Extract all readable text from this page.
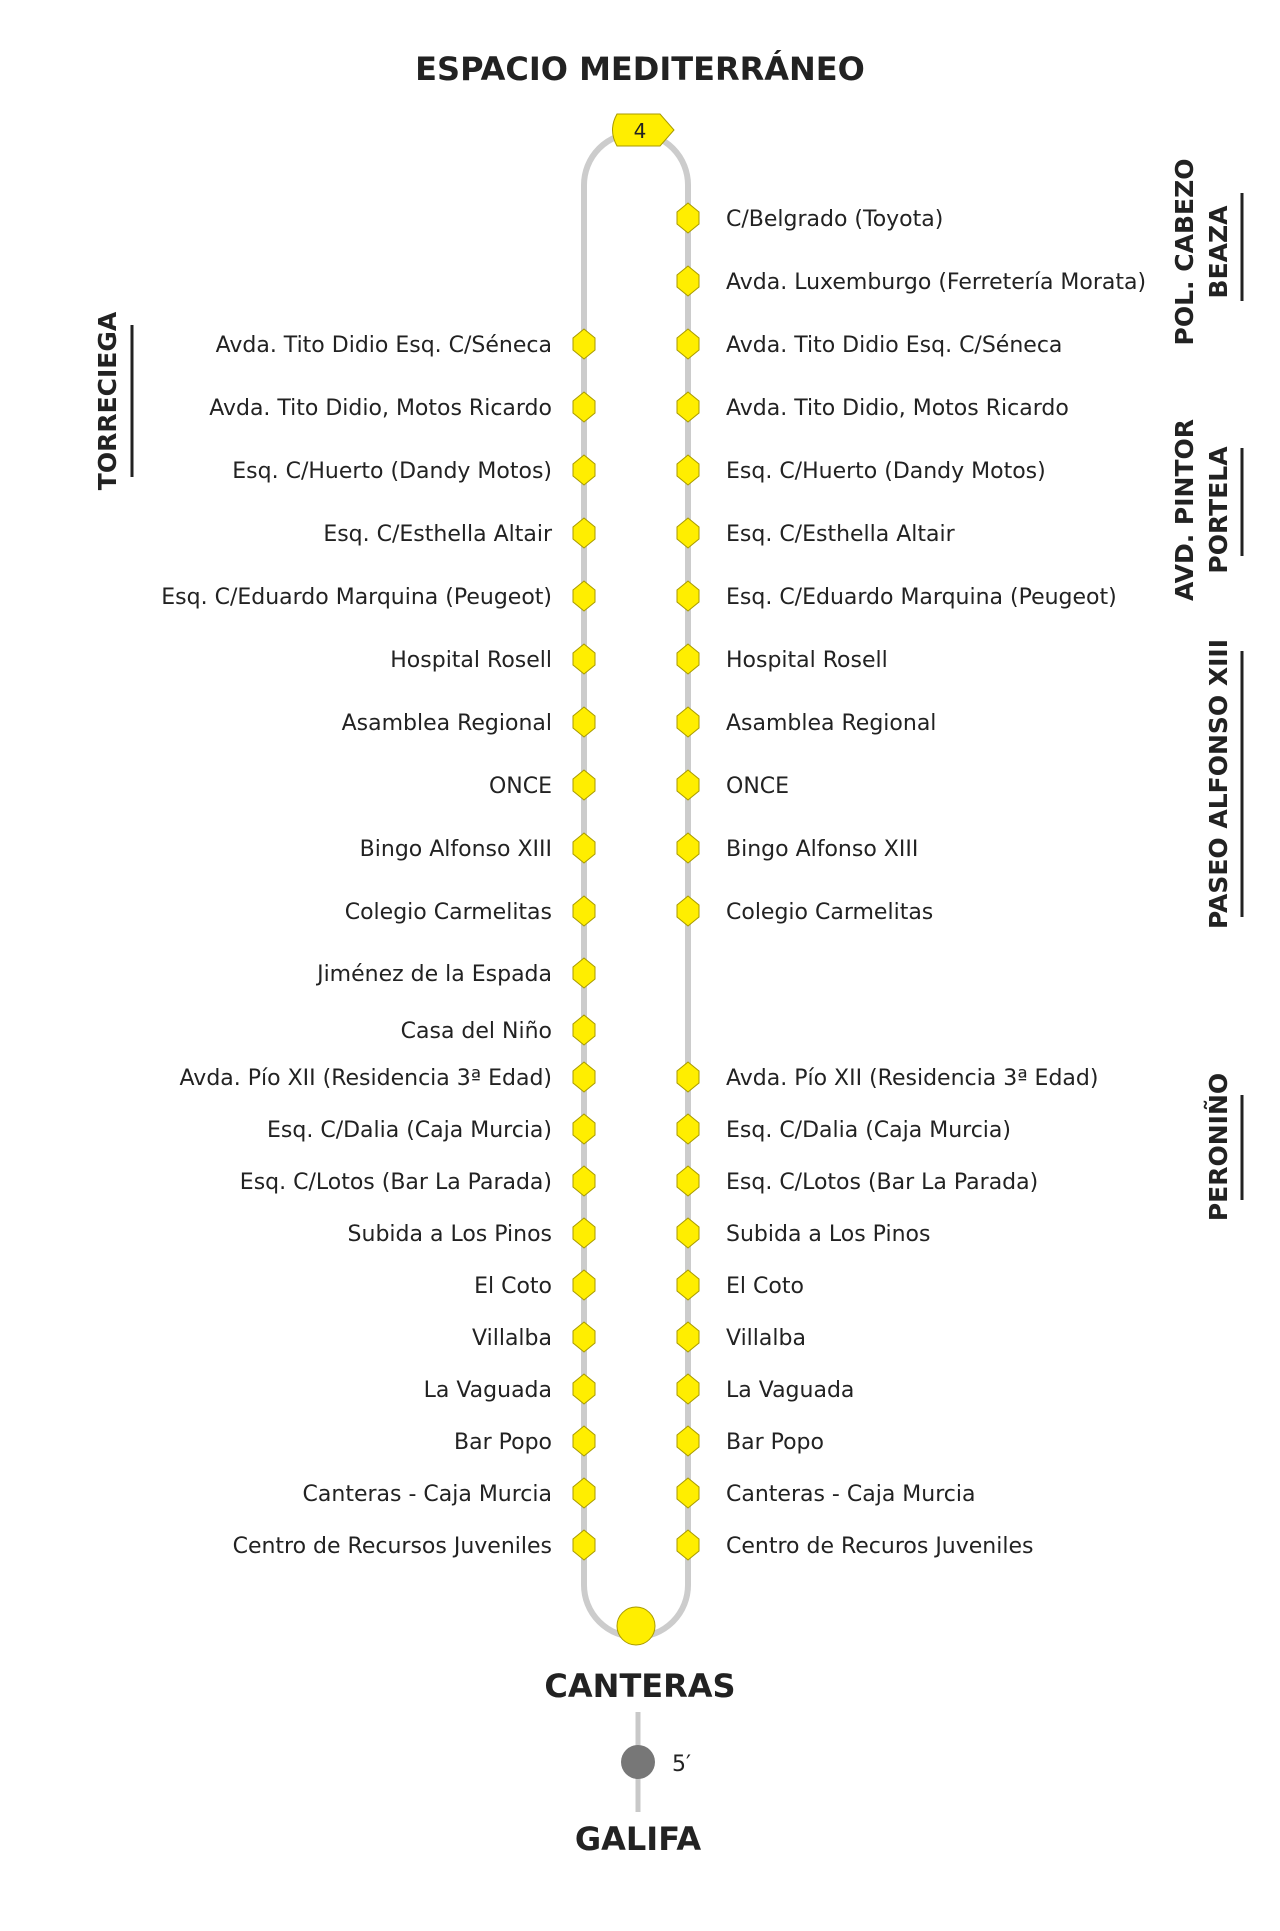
ESPACIO MEDITERRÁNEO
4
Avda. Tito Didio Esq. C/Séneca
Avda. Tito Didio, Motos Ricardo
Esq. C/Huerto (Dandy Motos)
Esq. C/Esthella Altair
Esq. C/Eduardo Marquina (Peugeot)
Hospital Rosell
Asamblea Regional
ONCE
Bingo Alfonso XIII
Colegio Carmelitas
Jiménez de la Espada
Casa del Niño
Avda. Pío XII (Residencia 3ª Edad)
Esq. C/Dalia (Caja Murcia)
Esq. C/Lotos (Bar La Parada)
Subida a Los Pinos
El Coto
Villalba
La Vaguada
Bar Popo
Canteras - Caja Murcia
Centro de Recursos Juveniles
C/Belgrado (Toyota)
Avda. Luxemburgo (Ferretería Morata)
Avda. Tito Didio Esq. C/Séneca
Avda. Tito Didio, Motos Ricardo
Esq. C/Huerto (Dandy Motos)
Esq. C/Esthella Altair
Esq. C/Eduardo Marquina (Peugeot)
Hospital Rosell
Asamblea Regional
ONCE
Bingo Alfonso XIII
Colegio Carmelitas
Avda. Pío XII (Residencia 3ª Edad)
Esq. C/Dalia (Caja Murcia)
Esq. C/Lotos (Bar La Parada)
Subida a Los Pinos
El Coto
Villalba
La Vaguada
Bar Popo
Canteras - Caja Murcia
Centro de Recuros Juveniles
CANTERAS
5′
GALIFA
TORRECIEGA
POL. CABEZO BEAZA
AVD. PINTOR PORTELA
PASEO ALFONSO XIII
PERONIÑO
